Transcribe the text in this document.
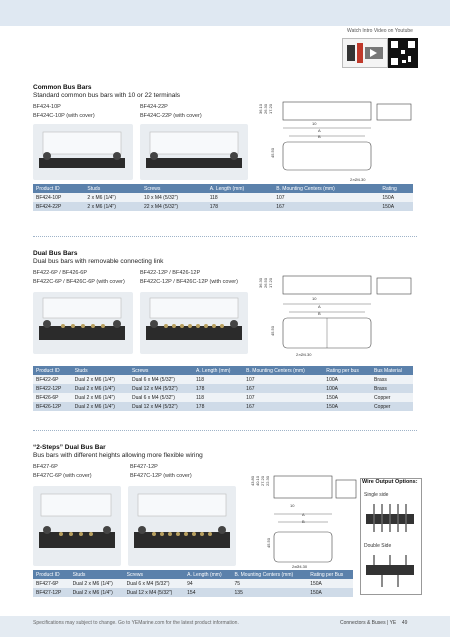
Watch Intro Video on Youtube
Common Bus Bars
Standard common bus bars with 10 or 22 terminals
BF424-10P
BF424C-10P (with cover)
BF424-22P
BF424C-22P (with cover)
36.10 26.30 17.20
10
A
B
45.50
2×Ø4.30
Product ID	Studs	Screws	A. Length (mm)	B. Mounting Centers (mm)	Rating
BF424-10P	2 x M6 (1/4")	10 x M4 (5/32")	118	107	150A
BF424-22P	2 x M6 (1/4")	22 x M4 (5/32")	178	167	150A
Dual Bus Bars
Dual bus bars with removable connecting link
BF422-6P / BF426-6P
BF422C-6P / BF426C-6P (with cover)
BF422-12P / BF426-12P
BF422C-12P / BF426C-12P (with cover)	36.30 26.50 17.20
10
A
B
45.50
2×Ø4.30
Product ID	Studs	Screws	A. Length (mm)	B. Mounting Centers (mm)	Rating per bus	Bus Material
BF422-6P	Dual 2 x M6 (1/4")	Dual 6 x M4 (5/32")	118	107	100A	Brass
BF422-12P	Dual 2 x M6 (1/4")	Dual 12 x M4 (5/32")	178	167	100A	Brass
BF426-6P	Dual 2 x M6 (1/4")	Dual 6 x M4 (5/32")	118	107	150A	Copper
BF426-12P	Dual 2 x M6 (1/4")	Dual 12 x M4 (5/32")	178	167	150A	Copper
“2-Steps” Dual Bus Bar
Bus bars with different heights allowing more flexible wiring
BF427-6P
BF427C-6P (with cover)
BF427-12P
BF427C-12P (with cover)	43.80 40.10 27.20 22.30
10
A
B
45.50
2xØ4.30
Wire Output Options:
Single side
Double Side
Product ID	Studs	Screws	A. Length (mm)	B. Mounting Centers (mm)	Rating per Bus
BF427-6P	Dual 2 x M6 (1/4")	Dual 6 x M4 (5/32")	94	75	150A
BF427-12P	Dual 2 x M6 (1/4")	Dual 12 x M4 (5/32")	154	135	150A
Specifications may subject to change. Go to YEMarine.com for the latest product information.	Connectors & Buses | YE 49
